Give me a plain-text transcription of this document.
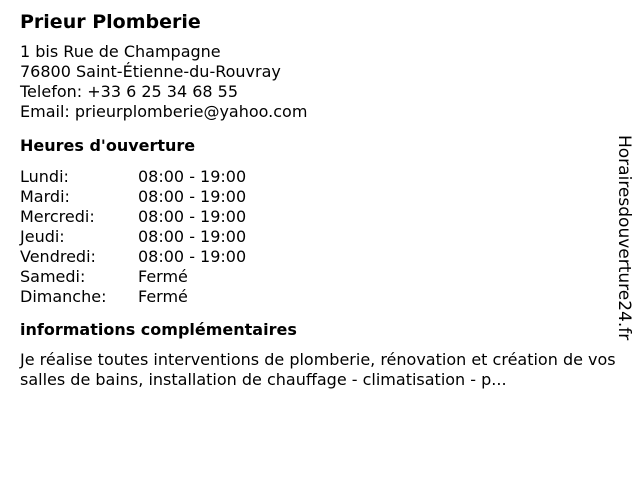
Prieur Plomberie
1 bis Rue de Champagne
76800 Saint-Étienne-du-Rouvray
Telefon: +33 6 25 34 68 55
Email: prieurplomberie@yahoo.com
Heures d'ouverture
Lundi:	08:00 - 19:00
Mardi:	08:00 - 19:00
Mercredi:	08:00 - 19:00
Jeudi:	08:00 - 19:00
Vendredi:	08:00 - 19:00
Samedi:	Fermé
Dimanche:	Fermé
informations complémentaires
Je réalise toutes interventions de plomberie, rénovation et création de vos salles de bains, installation de chauffage - climatisation - p...
Horairesdouverture24.fr
